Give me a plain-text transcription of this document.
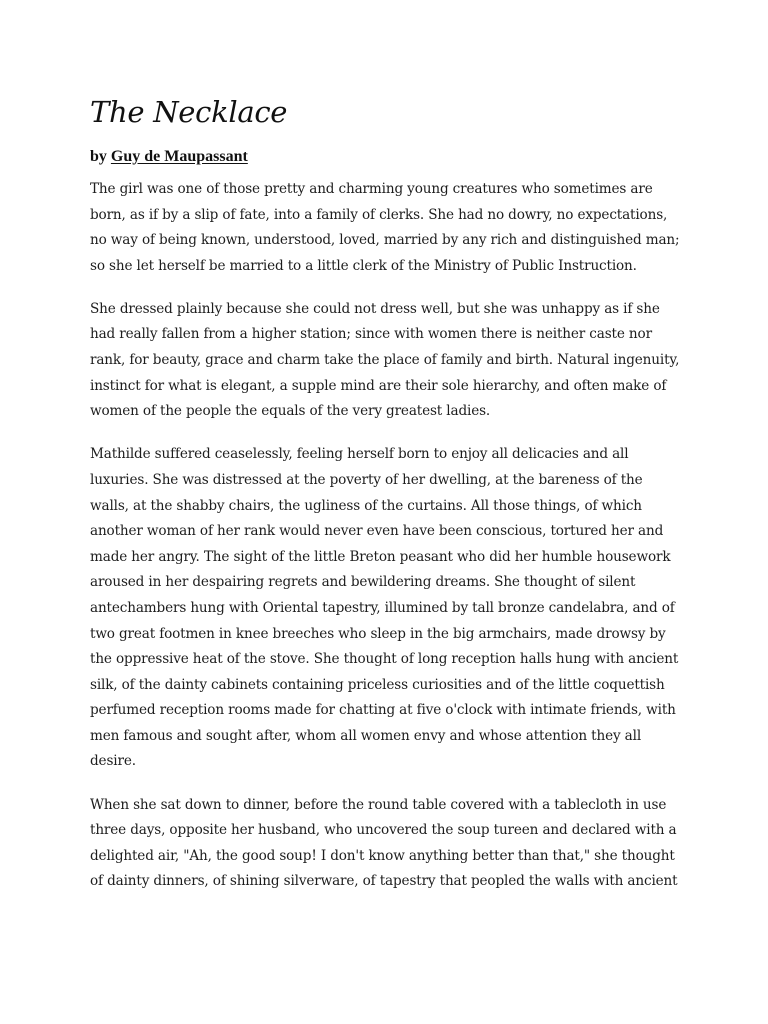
The Necklace
by Guy de Maupassant

The girl was one of those pretty and charming young creatures who sometimes are born, as if by a slip of fate, into a family of clerks. She had no dowry, no expectations, no way of being known, understood, loved, married by any rich and distinguished man; so she let herself be married to a little clerk of the Ministry of Public Instruction.

She dressed plainly because she could not dress well, but she was unhappy as if she had really fallen from a higher station; since with women there is neither caste nor rank, for beauty, grace and charm take the place of family and birth. Natural ingenuity, instinct for what is elegant, a supple mind are their sole hierarchy, and often make of women of the people the equals of the very greatest ladies.

Mathilde suffered ceaselessly, feeling herself born to enjoy all delicacies and all luxuries. She was distressed at the poverty of her dwelling, at the bareness of the walls, at the shabby chairs, the ugliness of the curtains. All those things, of which another woman of her rank would never even have been conscious, tortured her and made her angry. The sight of the little Breton peasant who did her humble housework aroused in her despairing regrets and bewildering dreams. She thought of silent antechambers hung with Oriental tapestry, illumined by tall bronze candelabra, and of two great footmen in knee breeches who sleep in the big armchairs, made drowsy by the oppressive heat of the stove. She thought of long reception halls hung with ancient silk, of the dainty cabinets containing priceless curiosities and of the little coquettish perfumed reception rooms made for chatting at five o'clock with intimate friends, with men famous and sought after, whom all women envy and whose attention they all desire.

When she sat down to dinner, before the round table covered with a tablecloth in use three days, opposite her husband, who uncovered the soup tureen and declared with a delighted air, "Ah, the good soup! I don't know anything better than that," she thought of dainty dinners, of shining silverware, of tapestry that peopled the walls with ancient
